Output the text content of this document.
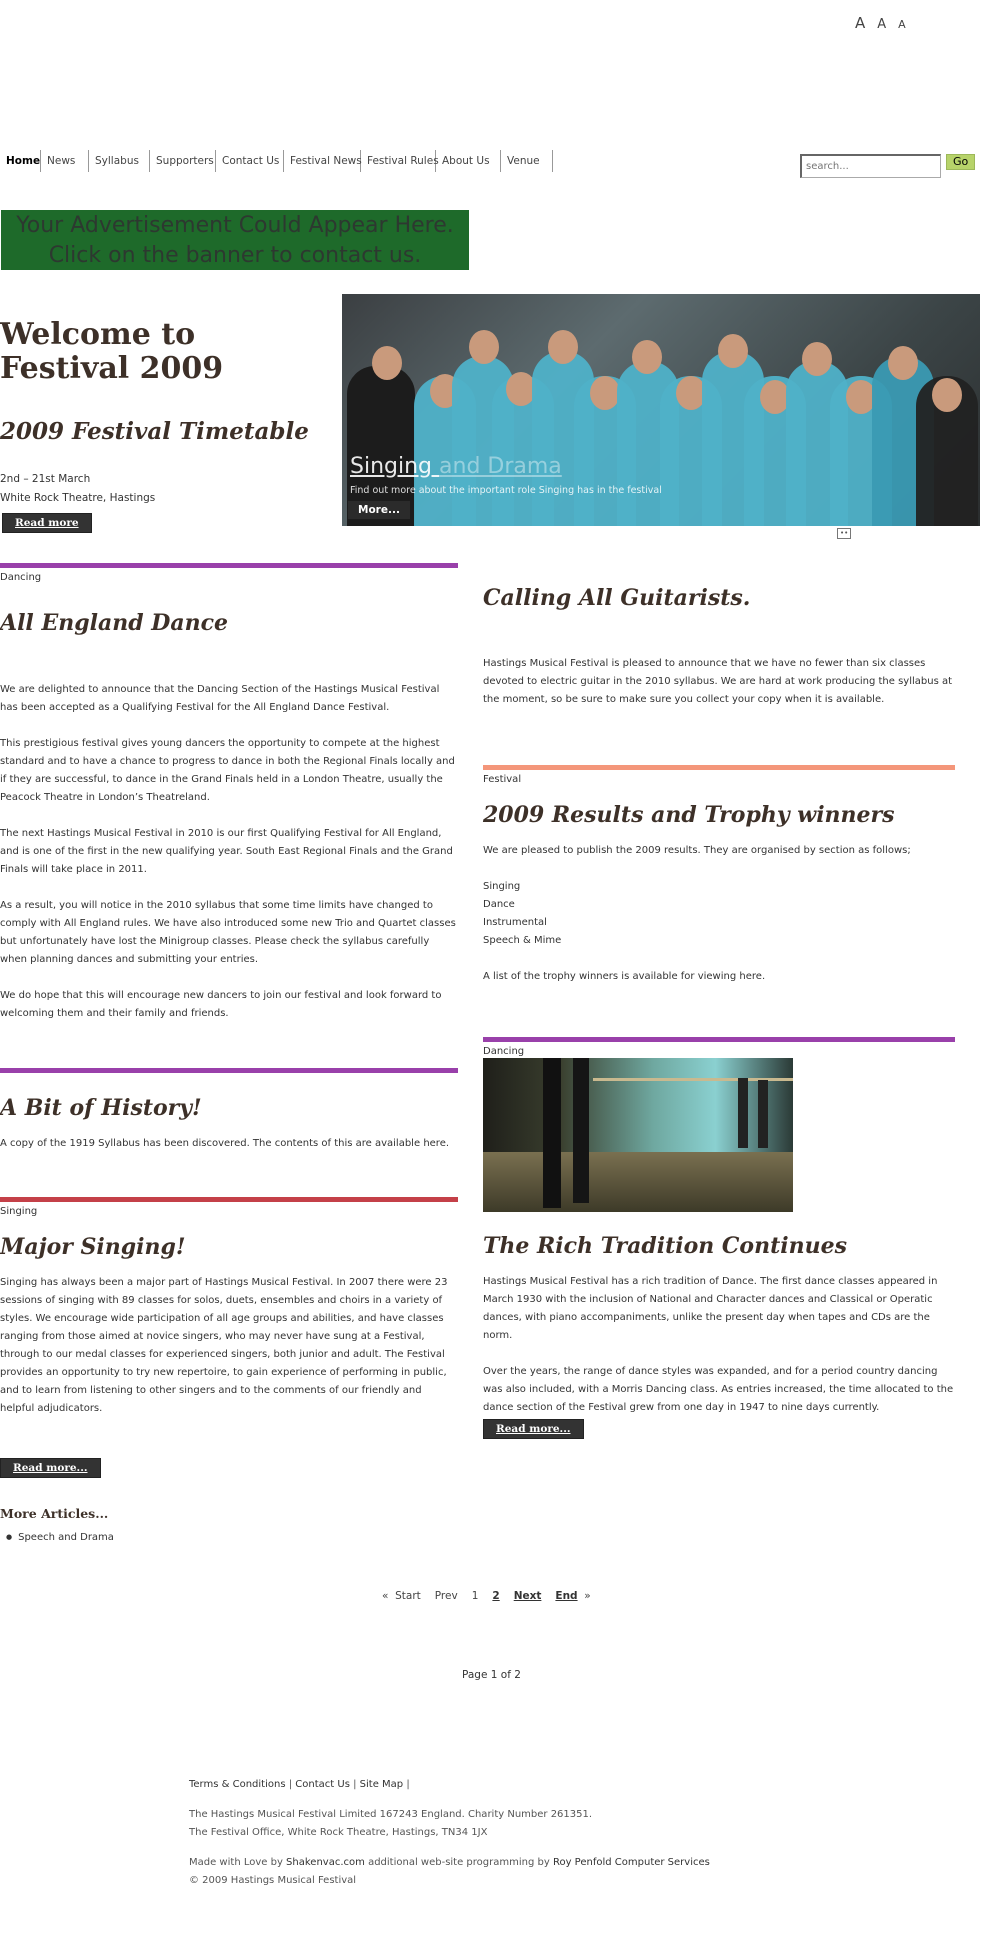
A A A
Home News	Syllabus	Supporters Contact Us	Festival News Festival Rules About Us	Venue
search...	Go
Your Advertisement Could Appear Here.
Click on the banner to contact us.
Welcome to Festival 2009
2009 Festival Timetable
2nd – 21st March
White Rock Theatre, Hastings
Read more
Singing and Drama
Find out more about the important role Singing has in the festival
More...
••
Dancing
All England Dance

We are delighted to announce that the Dancing Section of the Hastings Musical Festival has been accepted as a Qualifying Festival for the All England Dance Festival.

This prestigious festival gives young dancers the opportunity to compete at the highest standard and to have a chance to progress to dance in both the Regional Finals locally and if they are successful, to dance in the Grand Finals held in a London Theatre, usually the Peacock Theatre in London’s Theatreland.

The next Hastings Musical Festival in 2010 is our first Qualifying Festival for All England, and is one of the first in the new qualifying year. South East Regional Finals and the Grand Finals will take place in 2011.

As a result, you will notice in the 2010 syllabus that some time limits have changed to comply with All England rules. We have also introduced some new Trio and Quartet classes but unfortunately have lost the Minigroup classes. Please check the syllabus carefully when planning dances and submitting your entries.

We do hope that this will encourage new dancers to join our festival and look forward to welcoming them and their family and friends.

A Bit of History!

A copy of the 1919 Syllabus has been discovered. The contents of this are available here.

Singing
Major Singing!

Singing has always been a major part of Hastings Musical Festival. In 2007 there were 23 sessions of singing with 89 classes for solos, duets, ensembles and choirs in a variety of styles. We encourage wide participation of all age groups and abilities, and have classes ranging from those aimed at novice singers, who may never have sung at a Festival, through to our medal classes for experienced singers, both junior and adult. The Festival provides an opportunity to try new repertoire, to gain experience of performing in public, and to learn from listening to other singers and to the comments of our friendly and helpful adjudicators.

Read more...
Calling All Guitarists.

Hastings Musical Festival is pleased to announce that we have no fewer than six classes devoted to electric guitar in the 2010 syllabus. We are hard at work producing the syllabus at the moment, so be sure to make sure you collect your copy when it is available.

Festival
2009 Results and Trophy winners

We are pleased to publish the 2009 results. They are organised by section as follows;

Singing
Dance
Instrumental
Speech & Mime

A list of the trophy winners is available for viewing here.

Dancing
The Rich Tradition Continues

Hastings Musical Festival has a rich tradition of Dance. The first dance classes appeared in March 1930 with the inclusion of National and Character dances and Classical or Operatic dances, with piano accompaniments, unlike the present day when tapes and CDs are the norm.

Over the years, the range of dance styles was expanded, and for a period country dancing was also included, with a Morris Dancing class. As entries increased, the time allocated to the dance section of the Festival grew from one day in 1947 to nine days currently.

Read more...
More Articles...
● Speech and Drama
« Start Prev 1 2 Next End »
Page 1 of 2
Terms & Conditions | Contact Us | Site Map |
The Hastings Musical Festival Limited 167243 England. Charity Number 261351.
The Festival Office, White Rock Theatre, Hastings, TN34 1JX
Made with Love by Shakenvac.com additional web-site programming by Roy Penfold Computer Services
© 2009 Hastings Musical Festival
